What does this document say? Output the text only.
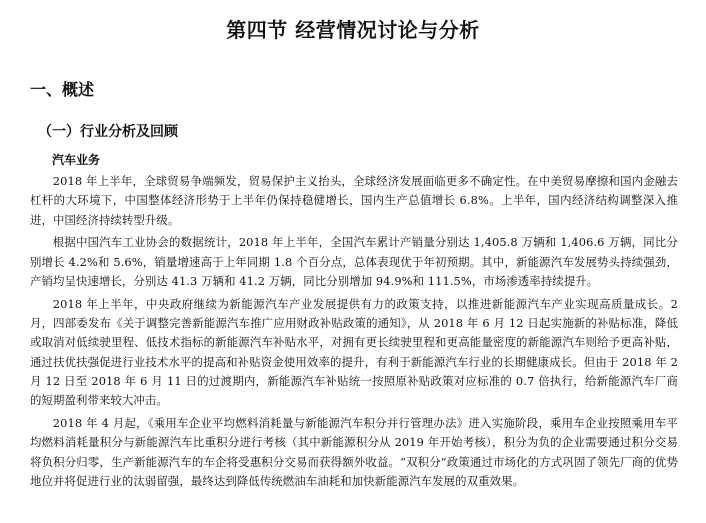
第四节 经营情况讨论与分析
一、概述
（一）行业分析及回顾
汽车业务

2018 年上半年，全球贸易争端频发，贸易保护主义抬头，全球经济发展面临更多不确定性。在中美贸易摩擦和国内金融去杠杆的大环境下，中国整体经济形势于上半年仍保持稳健增长，国内生产总值增长 6.8%。上半年，国内经济结构调整深入推进，中国经济持续转型升级。

根据中国汽车工业协会的数据统计，2018 年上半年，全国汽车累计产销量分别达 1,405.8 万辆和 1,406.6 万辆，同比分别增长 4.2%和 5.6%，销量增速高于上年同期 1.8 个百分点，总体表现优于年初预期。其中，新能源汽车发展势头持续强劲，产销均呈快速增长，分别达 41.3 万辆和 41.2 万辆，同比分别增加 94.9%和 111.5%，市场渗透率持续提升。

2018 年上半年，中央政府继续为新能源汽车产业发展提供有力的政策支持，以推进新能源汽车产业实现高质量成长。2 月，四部委发布《关于调整完善新能源汽车推广应用财政补贴政策的通知》，从 2018 年 6 月 12 日起实施新的补贴标准，降低或取消对低续驶里程、低技术指标的新能源汽车补贴水平，对拥有更长续驶里程和更高能量密度的新能源汽车则给予更高补贴，通过扶优扶强促进行业技术水平的提高和补贴资金使用效率的提升，有利于新能源汽车行业的长期健康成长。但由于 2018 年 2 月 12 日至 2018 年 6 月 11 日的过渡期内，新能源汽车补贴统一按照原补贴政策对应标准的 0.7 倍执行，给新能源汽车厂商的短期盈利带来较大冲击。

2018 年 4 月起，《乘用车企业平均燃料消耗量与新能源汽车积分并行管理办法》进入实施阶段，乘用车企业按照乘用车平均燃料消耗量积分与新能源汽车比重积分进行考核（其中新能源积分从 2019 年开始考核），积分为负的企业需要通过积分交易将负积分归零，生产新能源汽车的车企将受惠积分交易而获得额外收益。“双积分”政策通过市场化的方式巩固了领先厂商的优势地位并将促进行业的汰弱留强，最终达到降低传统燃油车油耗和加快新能源汽车发展的双重效果。
